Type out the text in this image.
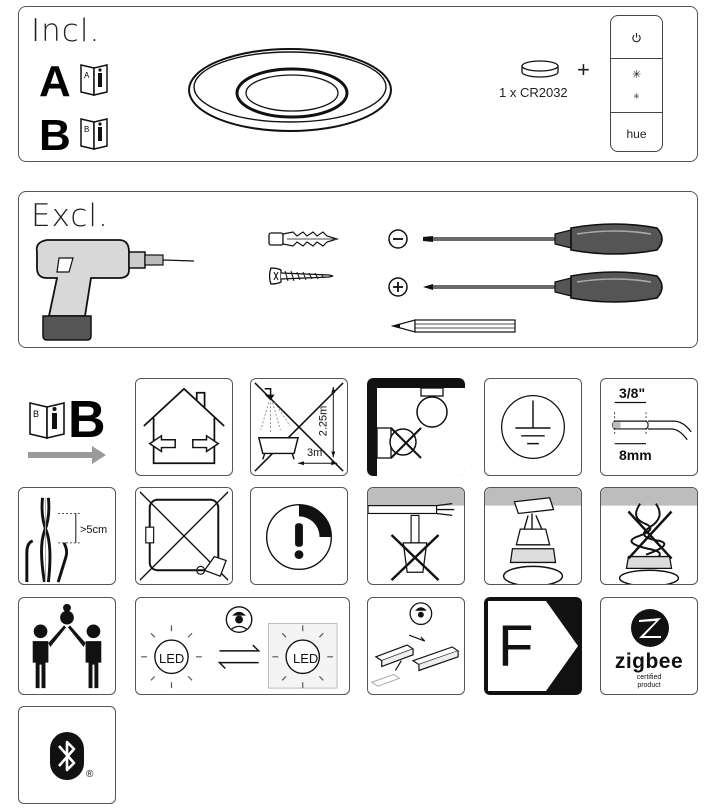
Incl.
A A
B B
1 x CR2032
+	✳
✳
hue
Excl.
B B	2.25m
3m
3/8"
8mm
>5cm
LED	LED	F	zigbee
certified
product
®
